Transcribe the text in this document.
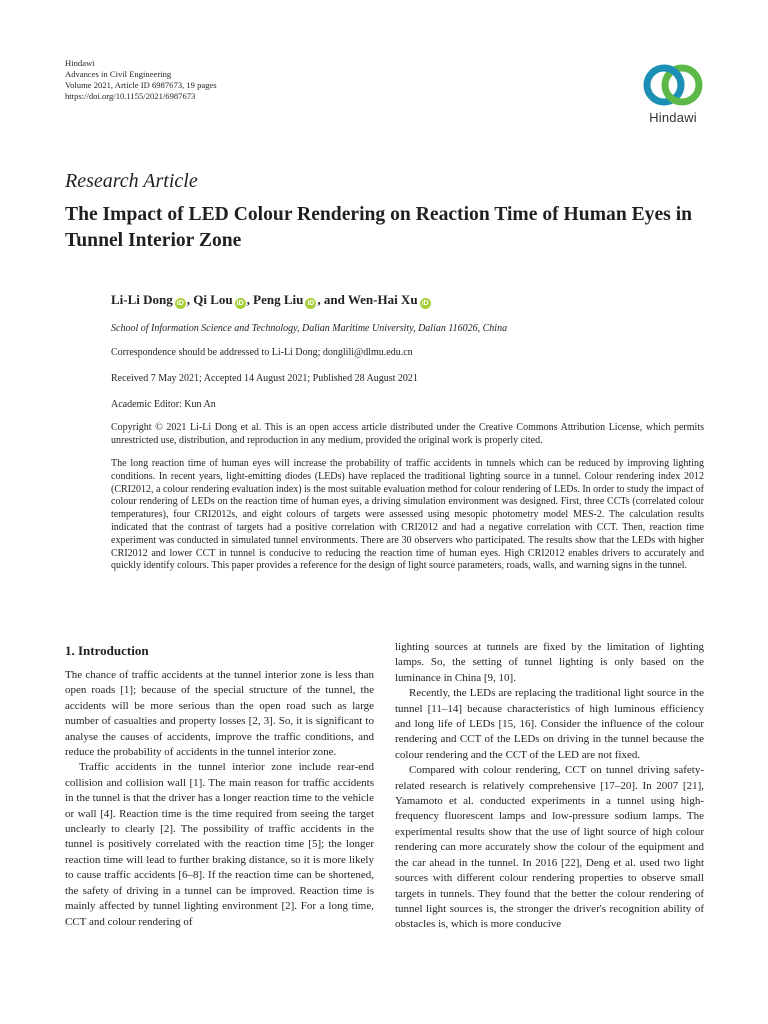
Hindawi
Advances in Civil Engineering
Volume 2021, Article ID 6987673, 19 pages
https://doi.org/10.1155/2021/6987673
Hindawi
Research Article
The Impact of LED Colour Rendering on Reaction Time of Human Eyes in Tunnel Interior Zone
Li-Li Dong iD , Qi Lou iD , Peng Liu iD , and Wen-Hai Xu iD
School of Information Science and Technology, Dalian Maritime University, Dalian 116026, China
Correspondence should be addressed to Li-Li Dong; donglili@dlmu.edu.cn
Received 7 May 2021; Accepted 14 August 2021; Published 28 August 2021
Academic Editor: Kun An

Copyright © 2021 Li-Li Dong et al. This is an open access article distributed under the Creative Commons Attribution License, which permits unrestricted use, distribution, and reproduction in any medium, provided the original work is properly cited.

The long reaction time of human eyes will increase the probability of traffic accidents in tunnels which can be reduced by improving lighting conditions. In recent years, light-emitting diodes (LEDs) have replaced the traditional lighting source in a tunnel. Colour rendering index 2012 (CRI2012, a colour rendering evaluation index) is the most suitable evaluation method for colour rendering of LEDs. In order to study the impact of colour rendering of LEDs on the reaction time of human eyes, a driving simulation environment was designed. First, three CCTs (correlated colour temperatures), four CRI2012s, and eight colours of targets were assessed using mesopic photometry model MES-2. The calculation results indicated that the contrast of targets had a positive correlation with CRI2012 and had a negative correlation with CCT. Then, reaction time experiment was conducted in simulated tunnel environments. There are 30 observers who participated. The results show that the LEDs with higher CRI2012 and lower CCT in tunnel is conducive to reducing the reaction time of human eyes. High CRI2012 enables drivers to accurately and quickly identify colours. This paper provides a reference for the design of light source parameters, roads, walls, and warning signs in the tunnel.

1. Introduction

The chance of traffic accidents at the tunnel interior zone is less than open roads [1]; because of the special structure of the tunnel, the accidents will be more serious than the open road such as large number of casualties and property losses [2, 3]. So, it is significant to analyse the causes of accidents, improve the traffic conditions, and reduce the probability of accidents in the tunnel interior zone.

Traffic accidents in the tunnel interior zone include rear-end collision and collision wall [1]. The main reason for traffic accidents in the tunnel is that the driver has a longer reaction time to the vehicle or wall [4]. Reaction time is the time required from seeing the target unclearly to clearly [2]. The possibility of traffic accidents in the tunnel is positively correlated with the reaction time [5]; the longer reaction time will lead to further braking distance, so it is more likely to cause traffic accidents [6–8]. If the reaction time can be shortened, the safety of driving in a tunnel can be improved. Reaction time is mainly affected by tunnel lighting environment [2]. For a long time, CCT and colour rendering of

lighting sources at tunnels are fixed by the limitation of lighting lamps. So, the setting of tunnel lighting is only based on the luminance in China [9, 10].

Recently, the LEDs are replacing the traditional light source in the tunnel [11–14] because characteristics of high luminous efficiency and long life of LEDs [15, 16]. Consider the influence of the colour rendering and CCT of the LEDs on driving in the tunnel because the colour rendering and the CCT of the LED are not fixed.

Compared with colour rendering, CCT on tunnel driving safety-related research is relatively comprehensive [17–20]. In 2007 [21], Yamamoto et al. conducted experiments in a tunnel using high-frequency fluorescent lamps and low-pressure sodium lamps. The experimental results show that the use of light source of high colour rendering can more accurately show the colour of the equipment and the car ahead in the tunnel. In 2016 [22], Deng et al. used two light sources with different colour rendering properties to observe small targets in tunnels. They found that the better the colour rendering of tunnel light sources is, the stronger the driver's recognition ability of obstacles is, which is more conducive
